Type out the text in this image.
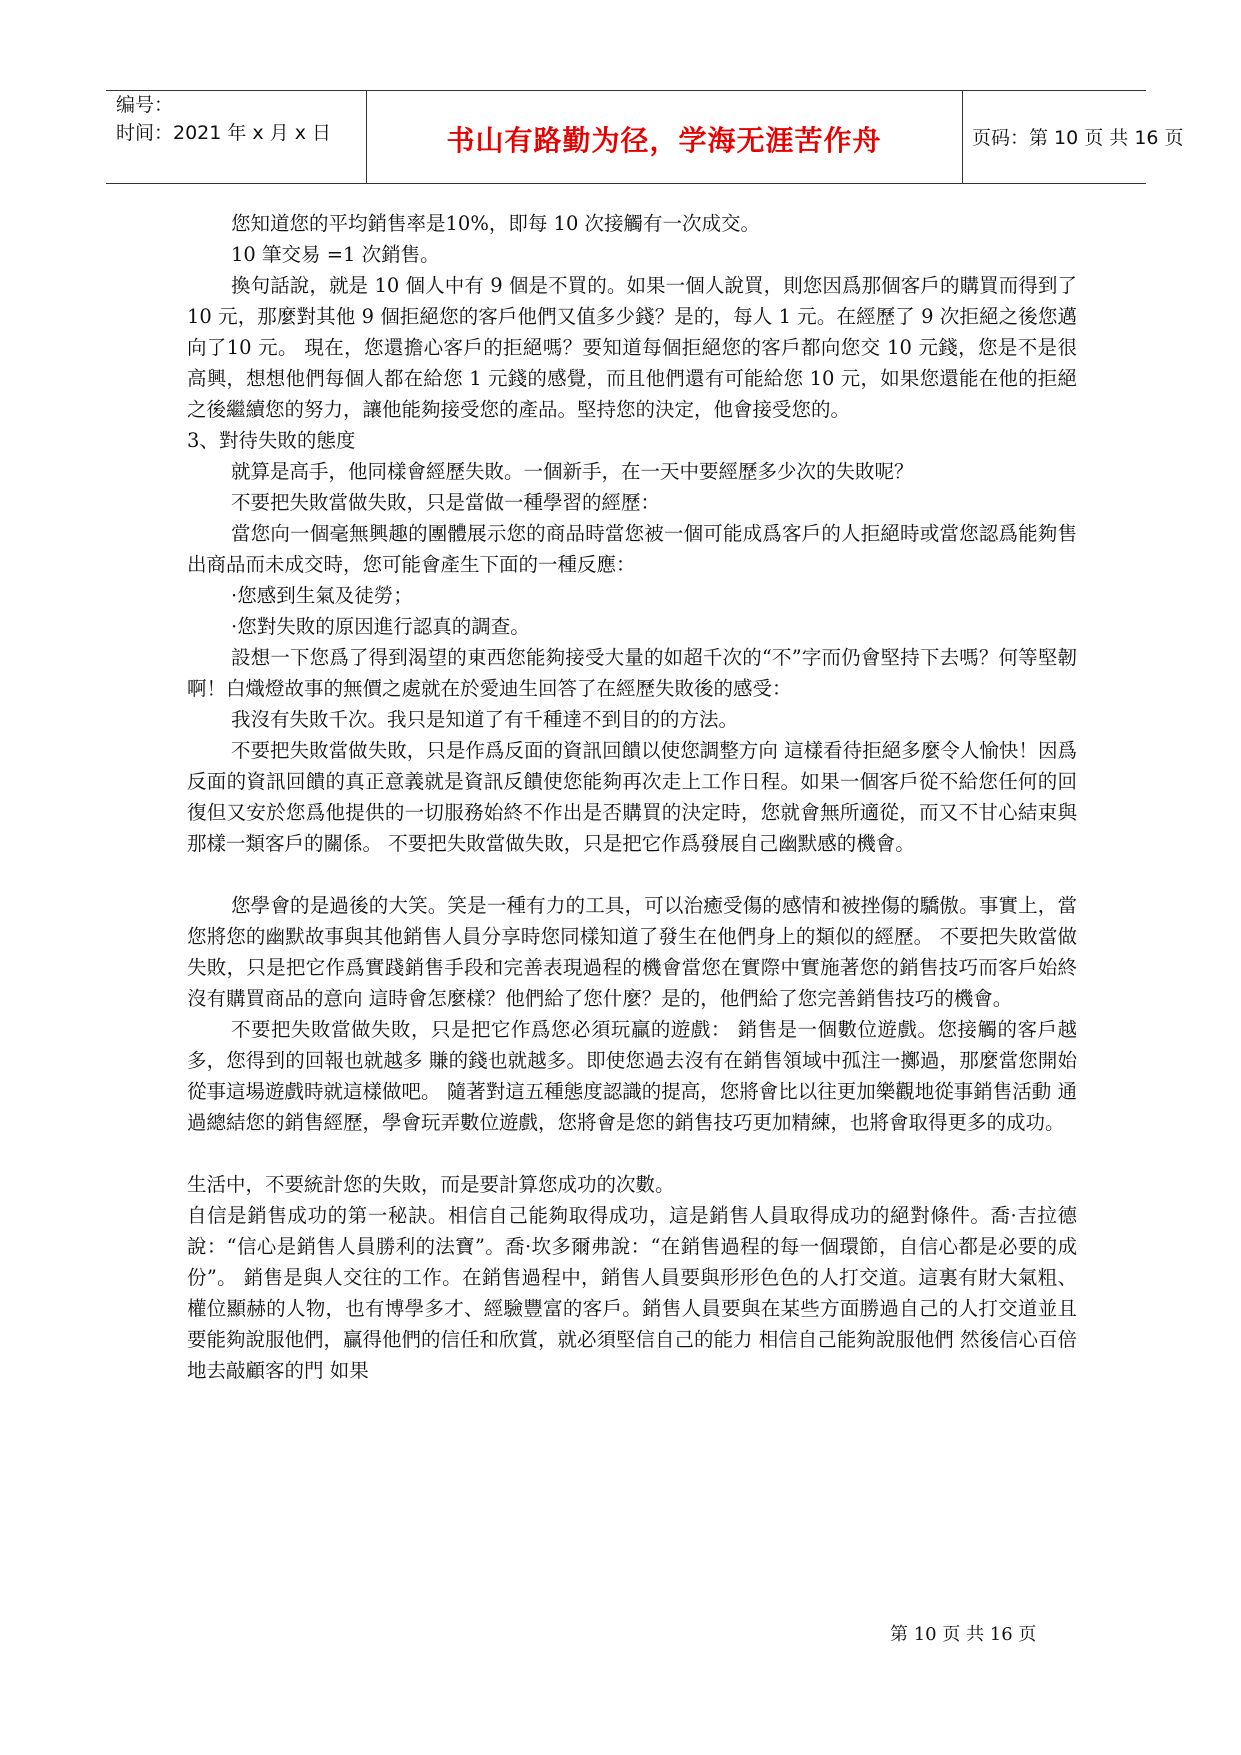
编号：
时间：2021 年 x 月 x 日	书山有路勤为径，学海无涯苦作舟	页码：第 10 页 共 16 页

您知道您的平均銷售率是10%，即每 10 次接觸有一次成交。

10 筆交易 =1 次銷售。

換句話說，就是 10 個人中有 9 個是不買的。如果一個人說買，則您因爲那個客戶的購買而得到了 10 元，那麼對其他 9 個拒絕您的客戶他們又值多少錢？是的，每人 1 元。在經歷了 9 次拒絕之後您邁向了10 元。 現在，您還擔心客戶的拒絕嗎？要知道每個拒絕您的客戶都向您交 10 元錢，您是不是很高興，想想他們每個人都在給您 1 元錢的感覺，而且他們還有可能給您 10 元，如果您還能在他的拒絕之後繼續您的努力，讓他能夠接受您的產品。堅持您的決定，他會接受您的。

3、對待失敗的態度

就算是高手，他同樣會經歷失敗。一個新手，在一天中要經歷多少次的失敗呢？

不要把失敗當做失敗，只是當做一種學習的經歷：

當您向一個毫無興趣的團體展示您的商品時當您被一個可能成爲客戶的人拒絕時或當您認爲能夠售出商品而未成交時，您可能會產生下面的一種反應：

·您感到生氣及徒勞；

·您對失敗的原因進行認真的調查。

設想一下您爲了得到渴望的東西您能夠接受大量的如超千次的“不”字而仍會堅持下去嗎？何等堅韌啊！白熾燈故事的無價之處就在於愛迪生回答了在經歷失敗後的感受：

我沒有失敗千次。我只是知道了有千種達不到目的的方法。

不要把失敗當做失敗，只是作爲反面的資訊回饋以使您調整方向 這樣看待拒絕多麼令人愉快！因爲反面的資訊回饋的真正意義就是資訊反饋使您能夠再次走上工作日程。如果一個客戶從不給您任何的回復但又安於您爲他提供的一切服務始終不作出是否購買的決定時，您就會無所適從，而又不甘心結束與那樣一類客戶的關係。 不要把失敗當做失敗，只是把它作爲發展自己幽默感的機會。

您學會的是過後的大笑。笑是一種有力的工具，可以治癒受傷的感情和被挫傷的驕傲。事實上，當您將您的幽默故事與其他銷售人員分享時您同樣知道了發生在他們身上的類似的經歷。 不要把失敗當做失敗，只是把它作爲實踐銷售手段和完善表現過程的機會當您在實際中實施著您的銷售技巧而客戶始終沒有購買商品的意向 這時會怎麼樣？他們給了您什麼？是的，他們給了您完善銷售技巧的機會。

不要把失敗當做失敗，只是把它作爲您必須玩贏的遊戲： 銷售是一個數位遊戲。您接觸的客戶越多，您得到的回報也就越多 賺的錢也就越多。即使您過去沒有在銷售領域中孤注一擲過，那麼當您開始從事這場遊戲時就這樣做吧。 隨著對這五種態度認識的提高，您將會比以往更加樂觀地從事銷售活動 通過總結您的銷售經歷，學會玩弄數位遊戲，您將會是您的銷售技巧更加精練，也將會取得更多的成功。

生活中，不要統計您的失敗，而是要計算您成功的次數。

自信是銷售成功的第一秘訣。相信自己能夠取得成功，這是銷售人員取得成功的絕對條件。喬·吉拉德說：“信心是銷售人員勝利的法寶”。喬·坎多爾弗說：“在銷售過程的每一個環節，自信心都是必要的成份”。 銷售是與人交往的工作。在銷售過程中，銷售人員要與形形色色的人打交道。這裏有財大氣粗、權位顯赫的人物，也有博學多才、經驗豐富的客戶。銷售人員要與在某些方面勝過自己的人打交道並且要能夠說服他們，贏得他們的信任和欣賞，就必須堅信自己的能力 相信自己能夠說服他們 然後信心百倍地去敲顧客的門 如果

第 10 页 共 16 页
